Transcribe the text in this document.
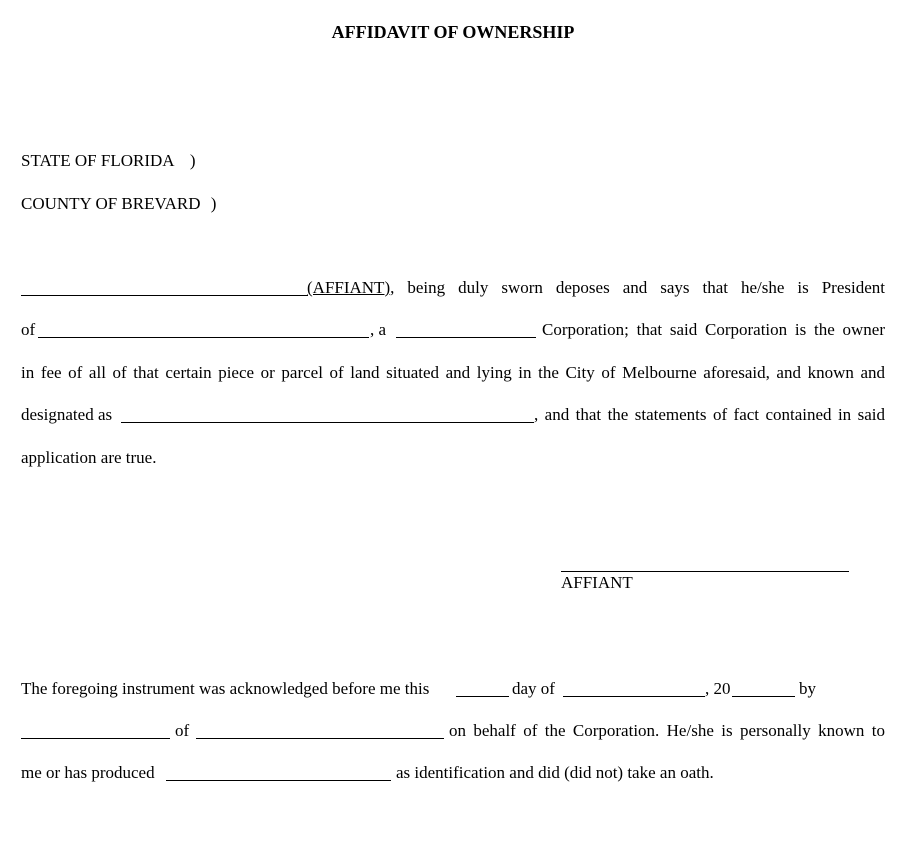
AFFIDAVIT OF OWNERSHIP
STATE OF FLORIDA )
COUNTY OF BREVARD )
(AFFIANT), being duly sworn deposes and says that he/she is President
of	, a	Corporation; that said Corporation is the owner
in fee of all of that certain piece or parcel of land situated and lying in the City of Melbourne aforesaid, and known and
designated as	, and that the statements of fact contained in said
application are true.
AFFIANT
The foregoing instrument was acknowledged before me this	day of	, 20	by
of	on behalf of the Corporation. He/she is personally known to
me or has produced	as identification and did (did not) take an oath.
